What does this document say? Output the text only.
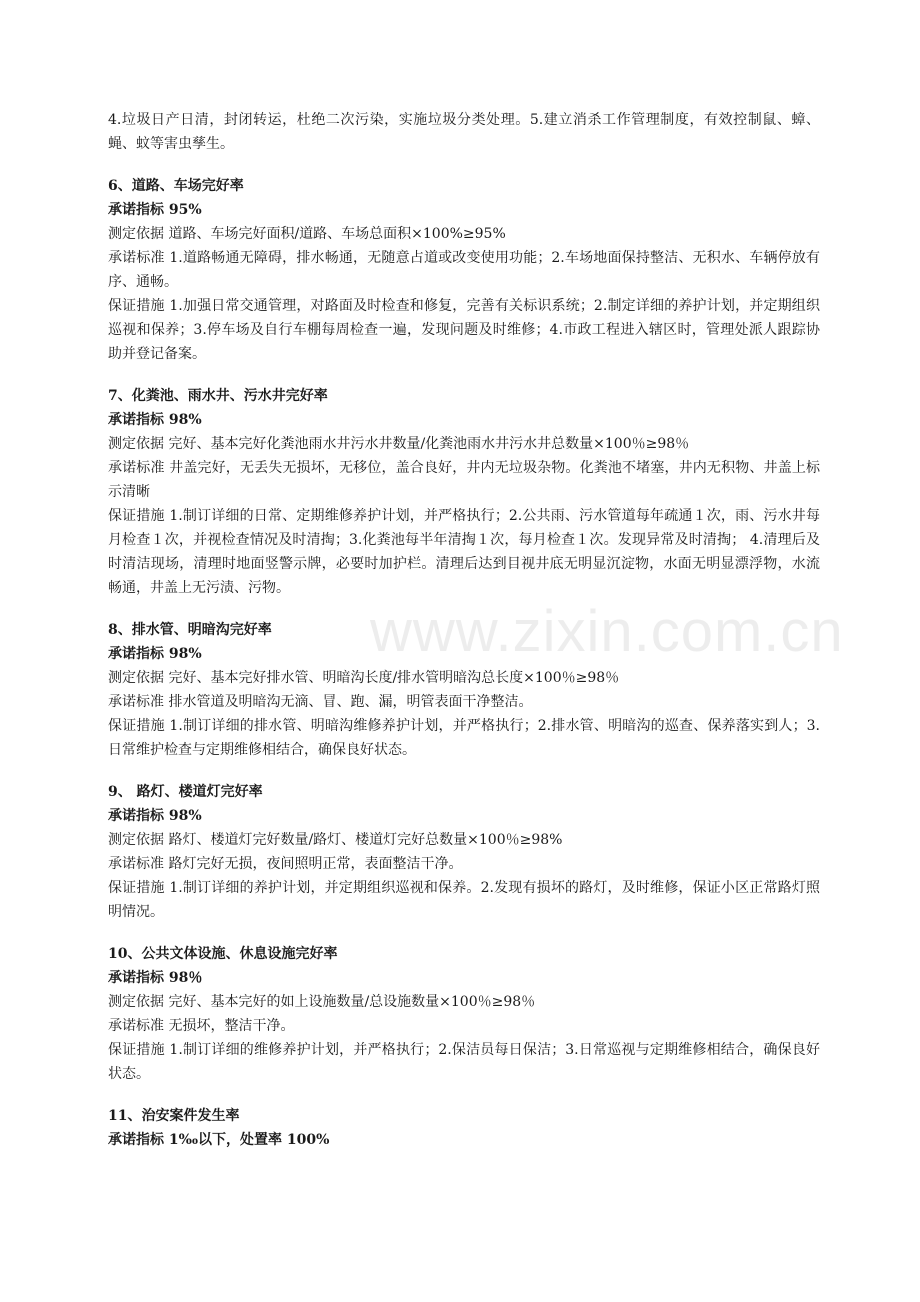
www.zixin.com.cn

4.垃圾日产日清，封闭转运，杜绝二次污染，实施垃圾分类处理。5.建立消杀工作管理制度，有效控制鼠、蟑、蝇、蚊等害虫孳生。

6、道路、车场完好率

承诺指标 95%

测定依据 道路、车场完好面积/道路、车场总面积×100%≥95%

承诺标准 1.道路畅通无障碍，排水畅通，无随意占道或改变使用功能；2.车场地面保持整洁、无积水、车辆停放有序、通畅。

保证措施 1.加强日常交通管理，对路面及时检查和修复，完善有关标识系统；2.制定详细的养护计划，并定期组织巡视和保养；3.停车场及自行车棚每周检查一遍，发现问题及时维修；4.市政工程进入辖区时，管理处派人跟踪协助并登记备案。

7、化粪池、雨水井、污水井完好率

承诺指标 98%

测定依据 完好、基本完好化粪池雨水井污水井数量/化粪池雨水井污水井总数量×100％≥98％

承诺标准 井盖完好，无丢失无损坏，无移位，盖合良好，井内无垃圾杂物。化粪池不堵塞，井内无积物、井盖上标示清晰

保证措施 1.制订详细的日常、定期维修养护计划，并严格执行；2.公共雨、污水管道每年疏通１次，雨、污水井每月检查１次，并视检查情况及时清掏；3.化粪池每半年清掏１次，每月检查１次。发现异常及时清掏； 4.清理后及时清洁现场，清理时地面竖警示牌，必要时加护栏。清理后达到目视井底无明显沉淀物，水面无明显漂浮物，水流畅通，井盖上无污渍、污物。

8、排水管、明暗沟完好率

承诺指标 98%

测定依据 完好、基本完好排水管、明暗沟长度/排水管明暗沟总长度×100％≥98％

承诺标准 排水管道及明暗沟无滴、冒、跑、漏，明管表面干净整洁。

保证措施 1.制订详细的排水管、明暗沟维修养护计划，并严格执行；2.排水管、明暗沟的巡查、保养落实到人；3.日常维护检查与定期维修相结合，确保良好状态。

9、 路灯、楼道灯完好率

承诺指标 98%

测定依据 路灯、楼道灯完好数量/路灯、楼道灯完好总数量×100％≥98%

承诺标准 路灯完好无损，夜间照明正常，表面整洁干净。

保证措施 1.制订详细的养护计划，并定期组织巡视和保养。2.发现有损坏的路灯，及时维修，保证小区正常路灯照明情况。

10、公共文体设施、休息设施完好率

承诺指标 98％

测定依据 完好、基本完好的如上设施数量/总设施数量×100％≥98％

承诺标准 无损坏，整洁干净。

保证措施 1.制订详细的维修养护计划，并严格执行；2.保洁员每日保洁；3.日常巡视与定期维修相结合，确保良好状态。

11、治安案件发生率

承诺指标 1‰以下，处置率 100%
